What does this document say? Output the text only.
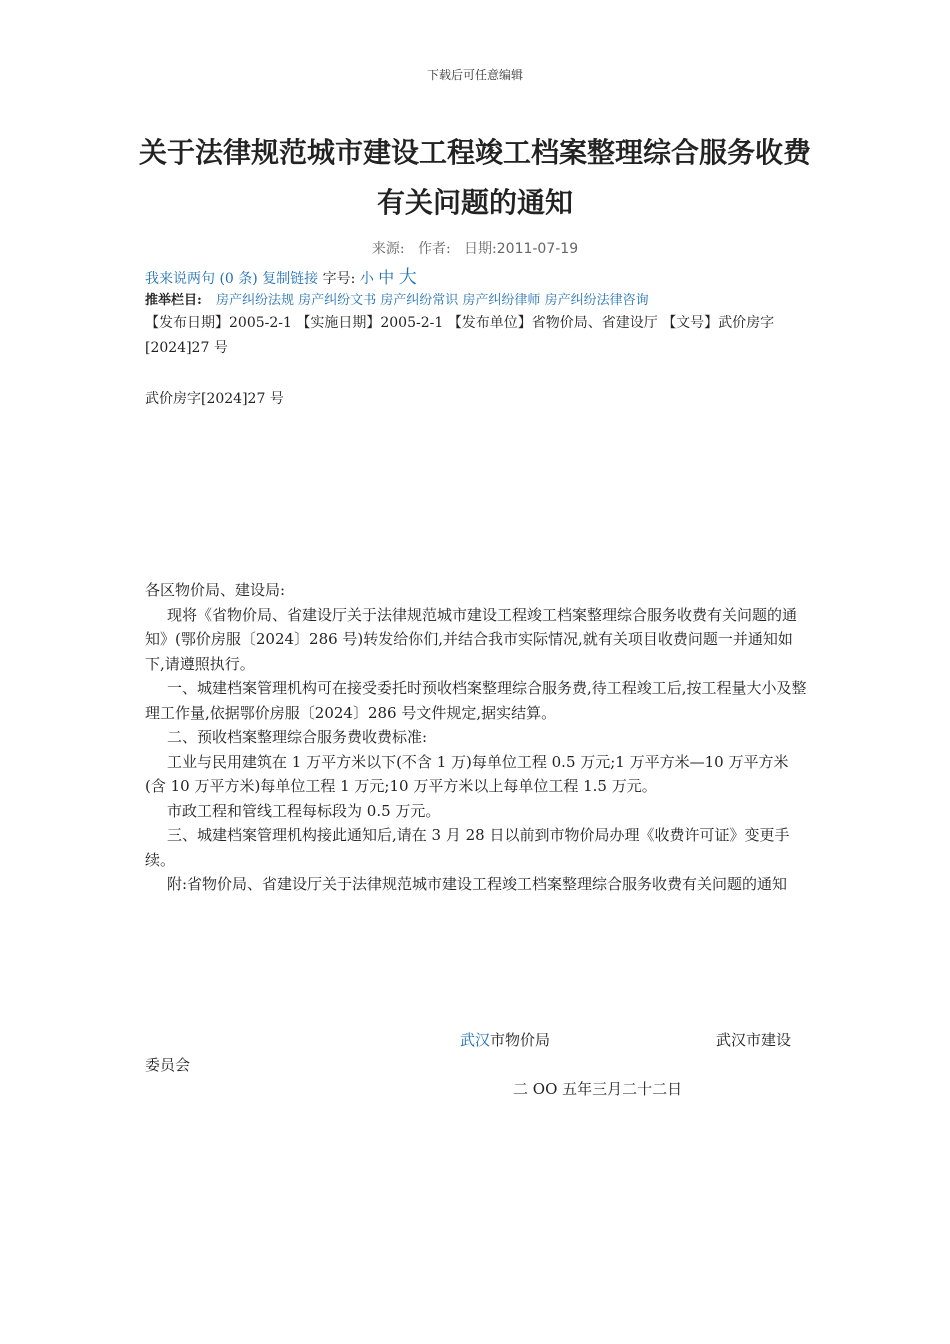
下载后可任意编辑
关于法律规范城市建设工程竣工档案整理综合服务收费有关问题的通知
来源: 作者: 日期:2011-07-19
我来说两句 (0 条) 复制链接 字号: 小 中 大
推举栏目: 房产纠纷法规 房产纠纷文书 房产纠纷常识 房产纠纷律师 房产纠纷法律咨询
【发布日期】2005-2-1 【实施日期】2005-2-1 【发布单位】省物价局、省建设厅 【文号】武价房字[2024]27 号
武价房字[2024]27 号

各区物价局、建设局:

现将《省物价局、省建设厅关于法律规范城市建设工程竣工档案整理综合服务收费有关问题的通知》(鄂价房服〔2024〕286 号)转发给你们,并结合我市实际情况,就有关项目收费问题一并通知如下,请遵照执行。

一、城建档案管理机构可在接受委托时预收档案整理综合服务费,待工程竣工后,按工程量大小及整理工作量,依据鄂价房服〔2024〕286 号文件规定,据实结算。

二、预收档案整理综合服务费收费标准:

工业与民用建筑在 1 万平方米以下(不含 1 万)每单位工程 0.5 万元;1 万平方米—10 万平方米(含 10 万平方米)每单位工程 1 万元;10 万平方米以上每单位工程 1.5 万元。

市政工程和管线工程每标段为 0.5 万元。

三、城建档案管理机构接此通知后,请在 3 月 28 日以前到市物价局办理《收费许可证》变更手续。

附:省物价局、省建设厅关于法律规范城市建设工程竣工档案整理综合服务收费有关问题的通知

武汉市物价局	武汉市建设
委员会
二 OO 五年三月二十二日
